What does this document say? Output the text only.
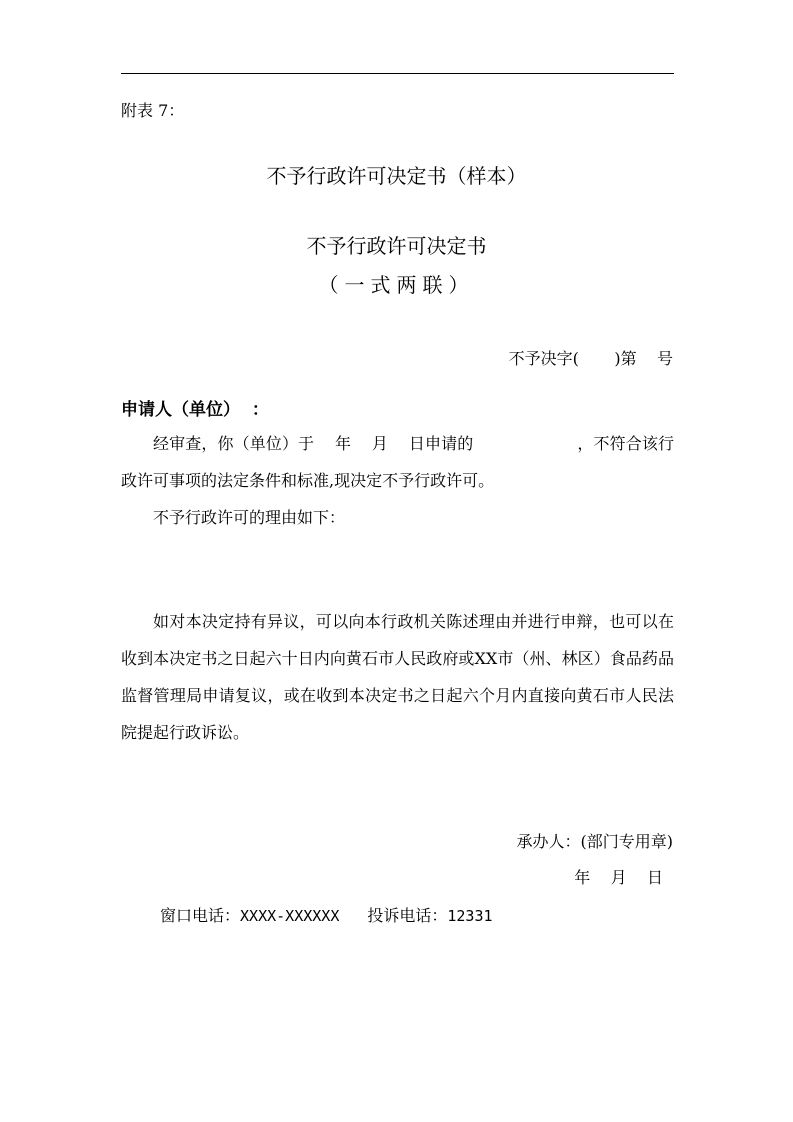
附表 7：

不予行政许可决定书（样本）
不予行政许可决定书

（一式两联）

不予决字(       )第    号

申请人（单位）  ：

经审查，你（单位）于    年    月    日申请的                    ，不符合该行政许可事项的法定条件和标准,现决定不予行政许可。

不予行政许可的理由如下：

如对本决定持有异议，可以向本行政机关陈述理由并进行申辩，也可以在收到本决定书之日起六十日内向黄石市人民政府或XX市（州、林区）食品药品监督管理局申请复议，或在收到本决定书之日起六个月内直接向黄石市人民法院提起行政诉讼。

承办人：(部门专用章)

年    月    日

窗口电话：XXXX-XXXXXX 投诉电话：12331
